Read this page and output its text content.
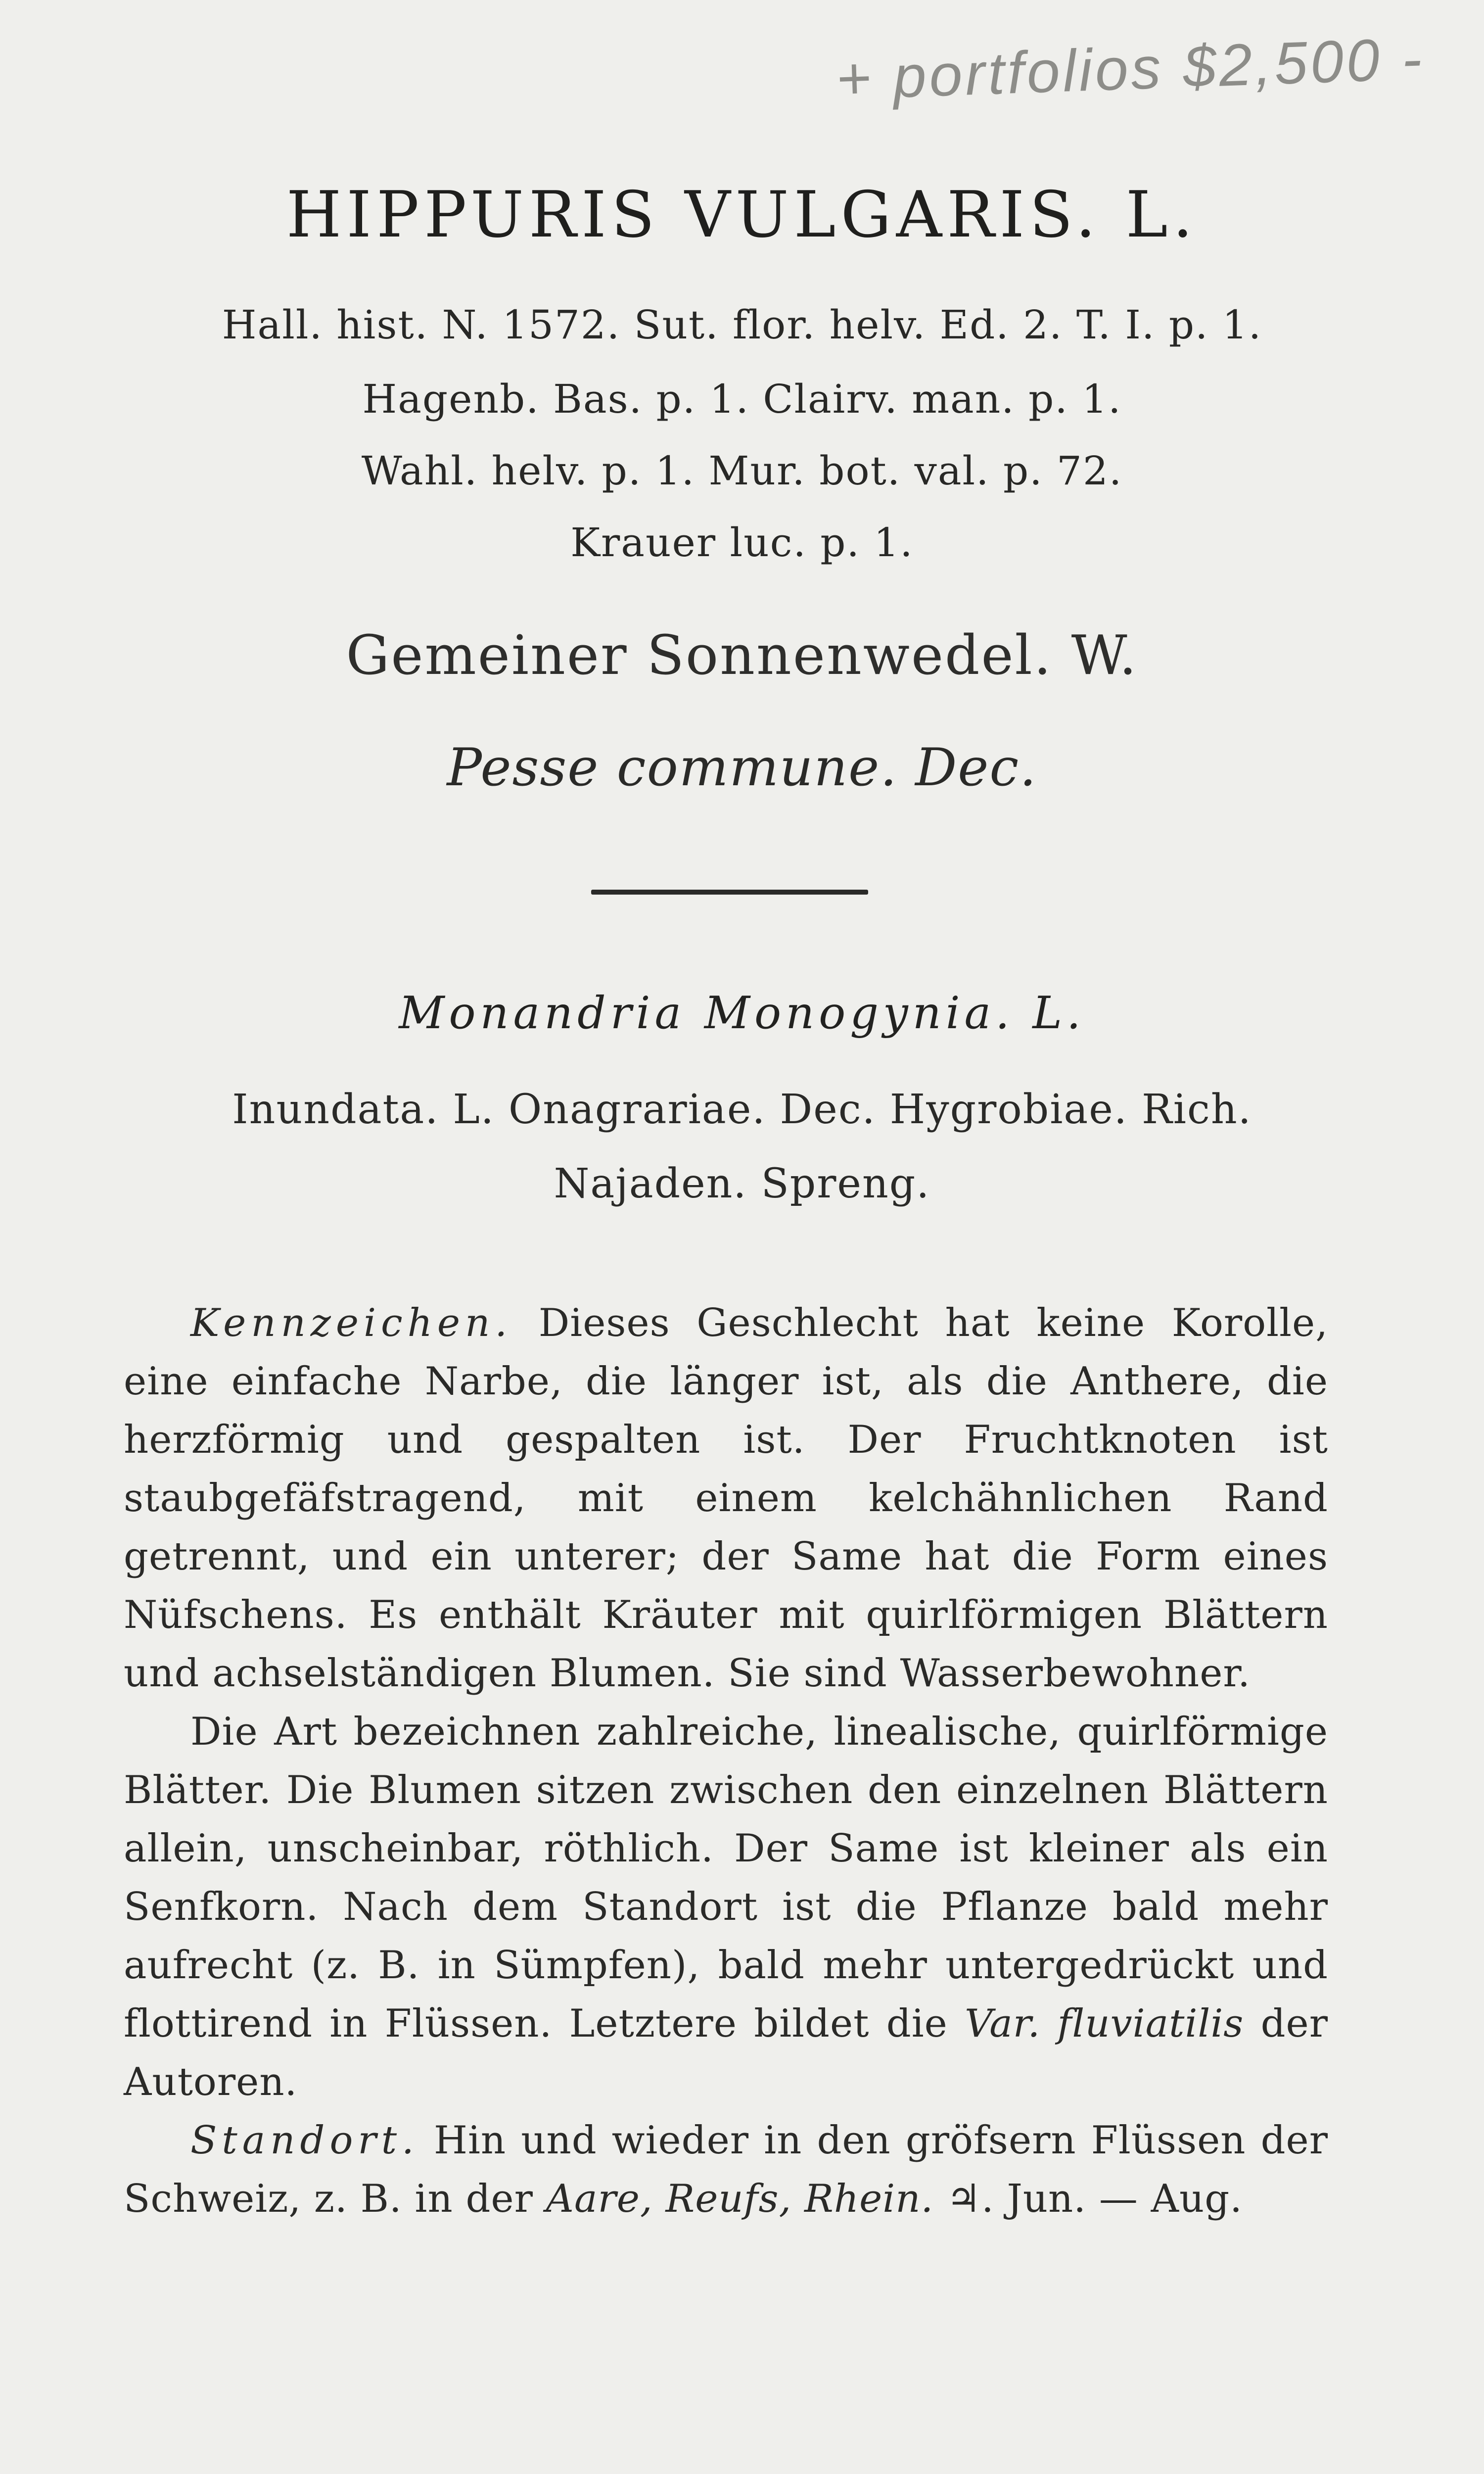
+ portfolios $2,500 -
HIPPURIS VULGARIS. L.
Hall. hist. N. 1572. Sut. flor. helv. Ed. 2. T. I. p. 1.
Hagenb. Bas. p. 1. Clairv. man. p. 1.
Wahl. helv. p. 1. Mur. bot. val. p. 72.
Krauer luc. p. 1.
Gemeiner Sonnenwedel. W.
Pesse commune. Dec.
Monandria Monogynia. L.
Inundata. L. Onagrariae. Dec. Hygrobiae. Rich.
Najaden. Spreng.

Kennzeichen. Dieses Geschlecht hat keine Korolle, eine einfache Narbe, die länger ist, als die Anthere, die herzförmig und gespalten ist. Der Fruchtknoten ist staubgefäfstragend, mit einem kelchähnlichen Rand getrennt, und ein unterer; der Same hat die Form eines Nüfschens. Es enthält Kräuter mit quirlförmigen Blättern und achselständigen Blumen. Sie sind Wasserbewohner.

Die Art bezeichnen zahlreiche, linealische, quirlförmige Blätter. Die Blumen sitzen zwischen den einzelnen Blättern allein, unscheinbar, röthlich. Der Same ist kleiner als ein Senfkorn. Nach dem Standort ist die Pflanze bald mehr aufrecht (z. B. in Sümpfen), bald mehr untergedrückt und flottirend in Flüssen. Letztere bildet die Var. fluviatilis der Autoren.

Standort. Hin und wieder in den gröfsern Flüssen der Schweiz, z. B. in der Aare, Reufs, Rhein. ♃. Jun. — Aug.
